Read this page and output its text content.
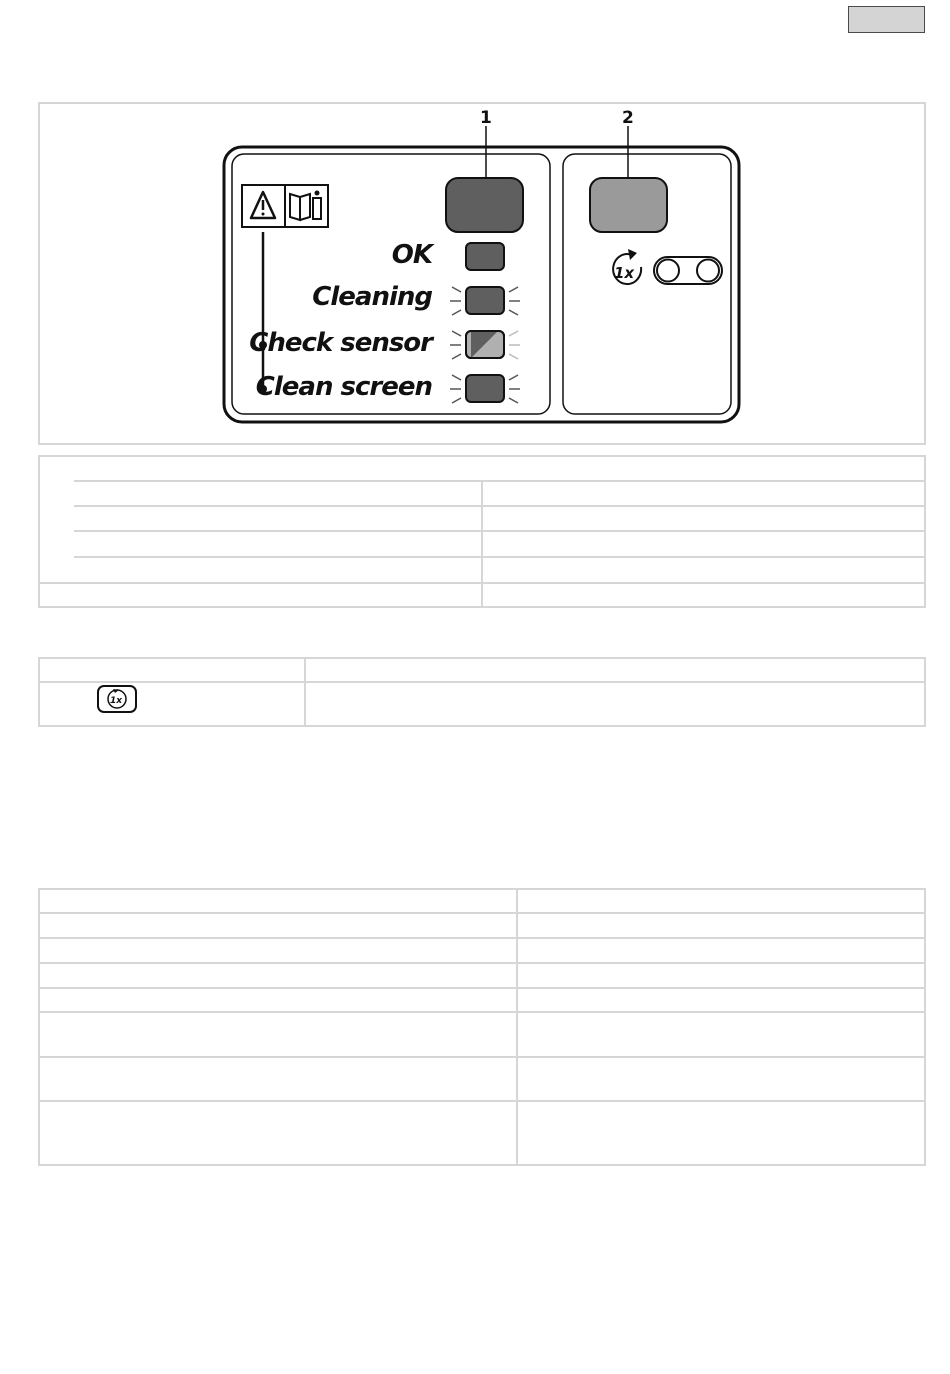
1	2
1x
OK
Cleaning
Check sensor
Clean screen
1x
